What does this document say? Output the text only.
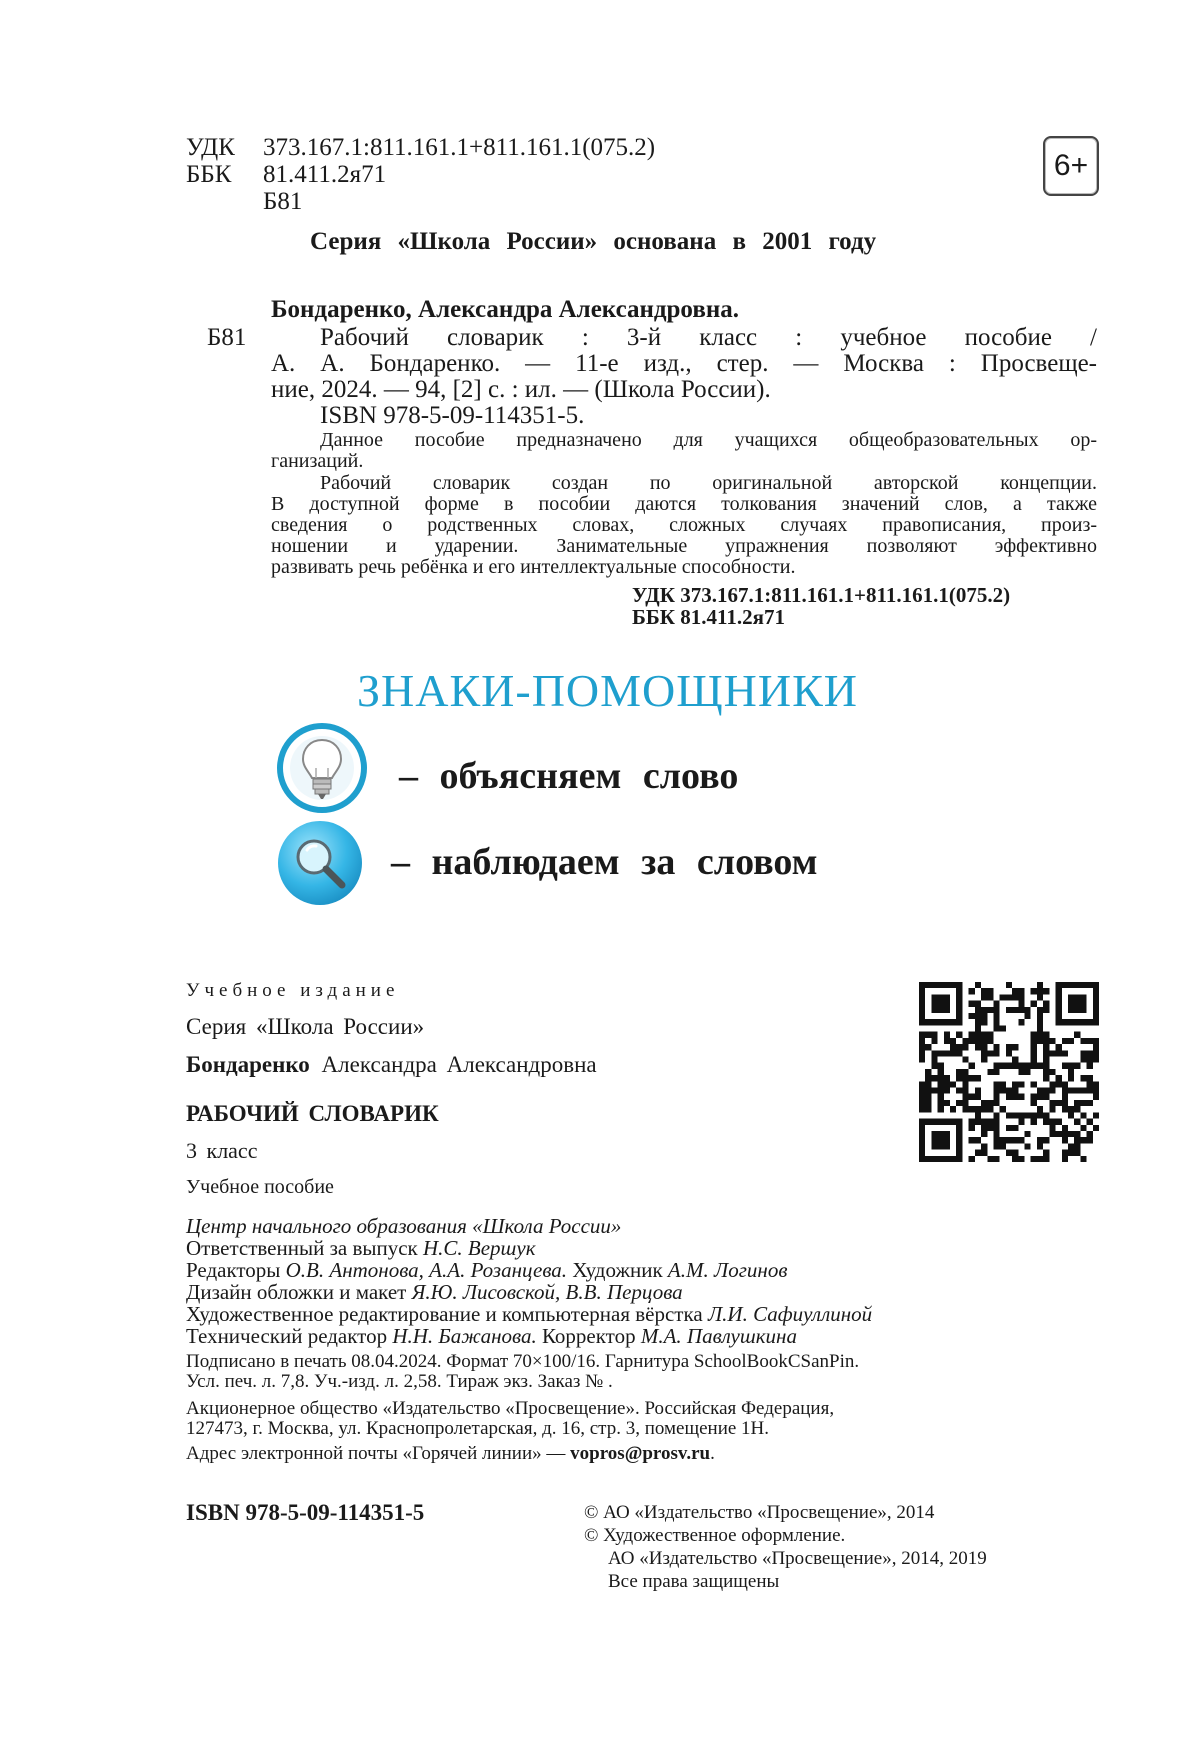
УДК 373.167.1:811.161.1+811.161.1(075.2)
ББК 81.411.2я71
Б81
6+
Серия «Школа России» основана в 2001 году
Бондаренко, Александра Александровна.
Б81	Рабочий словарик : 3-й класс : учебное пособие /
А. А. Бондаренко. — 11-е изд., стер. — Москва : Просвеще-
ние, 2024. — 94, [2] с. : ил. — (Школа России).
ISBN 978-5-09-114351-5.
Данное пособие предназначено для учащихся общеобразовательных ор-
ганизаций.
Рабочий словарик создан по оригинальной авторской концепции.
В доступной форме в пособии даются толкования значений слов, а также
сведения о родственных словах, сложных случаях правописания, произ-
ношении и ударении. Занимательные упражнения позволяют эффективно
развивать речь ребёнка и его интеллектуальные способности.
УДК 373.167.1:811.161.1+811.161.1(075.2)
ББК 81.411.2я71
ЗНАКИ-ПОМОЩНИКИ
– объясняем слово
– наблюдаем за словом
Учебное издание
Серия «Школа России»
Бондаренко Александра Александровна
РАБОЧИЙ СЛОВАРИК
3 класс
Учебное пособие
Центр начального образования «Школа России»
Ответственный за выпуск Н.С. Вершук
Редакторы О.В. Антонова, А.А. Розанцева. Художник А.М. Логинов
Дизайн обложки и макет Я.Ю. Лисовской, В.В. Перцова
Художественное редактирование и компьютерная вёрстка Л.И. Сафиуллиной
Технический редактор Н.Н. Бажанова. Корректор М.А. Павлушкина
Подписано в печать 08.04.2024. Формат 70×100/16. Гарнитура SchoolBookCSanPin.
Усл. печ. л. 7,8. Уч.-изд. л. 2,58. Тираж экз. Заказ № .
Акционерное общество «Издательство «Просвещение». Российская Федерация,
127473, г. Москва, ул. Краснопролетарская, д. 16, стр. 3, помещение 1Н.
Адрес электронной почты «Горячей линии» — vopros@prosv.ru.
ISBN 978-5-09-114351-5	© АО «Издательство «Просвещение», 2014
© Художественное оформление.
АО «Издательство «Просвещение», 2014, 2019
Все права защищены
